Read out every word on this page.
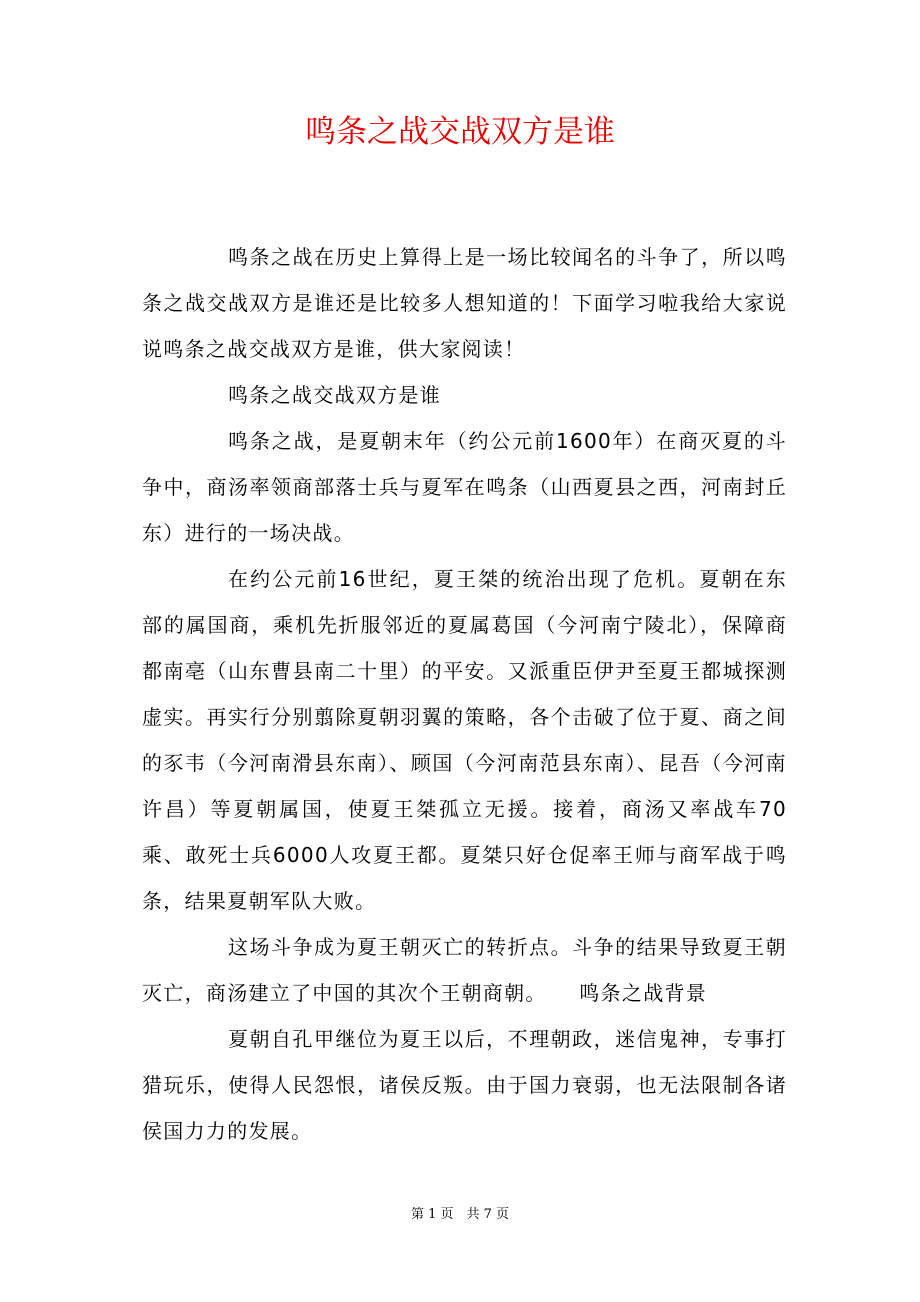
鸣条之战交战双方是谁

鸣条之战在历史上算得上是一场比较闻名的斗争了，所以鸣条之战交战双方是谁还是比较多人想知道的！下面学习啦我给大家说说鸣条之战交战双方是谁，供大家阅读！

鸣条之战交战双方是谁

鸣条之战，是夏朝末年（约公元前1600年）在商灭夏的斗争中，商汤率领商部落士兵与夏军在鸣条（山西夏县之西，河南封丘东）进行的一场决战。

在约公元前16世纪，夏王桀的统治出现了危机。夏朝在东部的属国商，乘机先折服邻近的夏属葛国（今河南宁陵北），保障商都南亳（山东曹县南二十里）的平安。又派重臣伊尹至夏王都城探测虚实。再实行分别翦除夏朝羽翼的策略，各个击破了位于夏、商之间的豕韦（今河南滑县东南）、顾国（今河南范县东南）、昆吾（今河南许昌）等夏朝属国，使夏王桀孤立无援。接着，商汤又率战车70乘、敢死士兵6000人攻夏王都。夏桀只好仓促率王师与商军战于鸣条，结果夏朝军队大败。

这场斗争成为夏王朝灭亡的转折点。斗争的结果导致夏王朝灭亡，商汤建立了中国的其次个王朝商朝。　　鸣条之战背景

夏朝自孔甲继位为夏王以后，不理朝政，迷信鬼神，专事打猎玩乐，使得人民怨恨，诸侯反叛。由于国力衰弱，也无法限制各诸侯国力力的发展。

第 1 页　共 7 页
